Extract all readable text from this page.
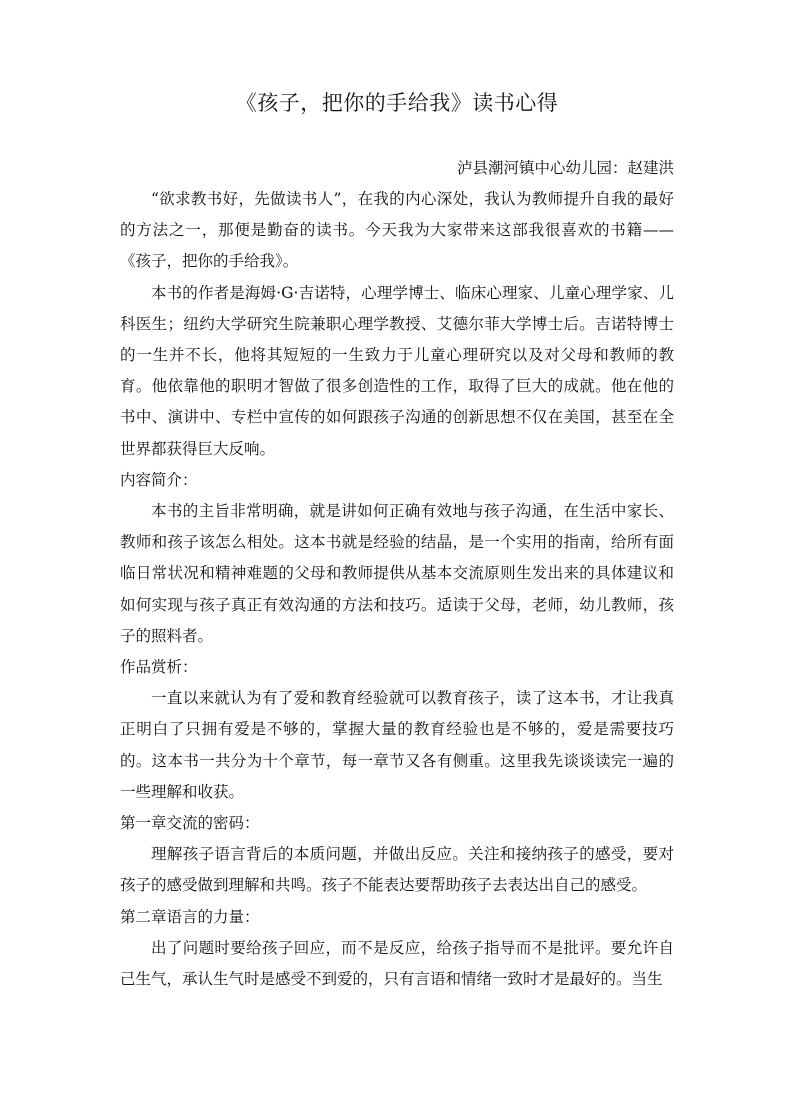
《孩子，把你的手给我》读书心得

泸县潮河镇中心幼儿园：赵建洪

“欲求教书好，先做读书人”，在我的内心深处，我认为教师提升自我的最好的方法之一，那便是勤奋的读书。今天我为大家带来这部我很喜欢的书籍——《孩子，把你的手给我》。

本书的作者是海姆·G·吉诺特，心理学博士、临床心理家、儿童心理学家、儿科医生；纽约大学研究生院兼职心理学教授、艾德尔菲大学博士后。吉诺特博士的一生并不长，他将其短短的一生致力于儿童心理研究以及对父母和教师的教育。他依靠他的职明才智做了很多创造性的工作，取得了巨大的成就。他在他的书中、演讲中、专栏中宣传的如何跟孩子沟通的创新思想不仅在美国，甚至在全世界都获得巨大反响。

内容简介：

本书的主旨非常明确，就是讲如何正确有效地与孩子沟通，在生活中家长、教师和孩子该怎么相处。这本书就是经验的结晶，是一个实用的指南，给所有面临日常状况和精神难题的父母和教师提供从基本交流原则生发出来的具体建议和如何实现与孩子真正有效沟通的方法和技巧。适读于父母，老师，幼儿教师，孩子的照料者。

作品赏析：

一直以来就认为有了爱和教育经验就可以教育孩子，读了这本书，才让我真正明白了只拥有爱是不够的，掌握大量的教育经验也是不够的，爱是需要技巧的。这本书一共分为十个章节，每一章节又各有侧重。这里我先谈谈读完一遍的一些理解和收获。

第一章交流的密码：

理解孩子语言背后的本质问题，并做出反应。关注和接纳孩子的感受，要对孩子的感受做到理解和共鸣。孩子不能表达要帮助孩子去表达出自己的感受。

第二章语言的力量：

出了问题时要给孩子回应，而不是反应，给孩子指导而不是批评。要允许自己生气，承认生气时是感受不到爱的，只有言语和情绪一致时才是最好的。当生
